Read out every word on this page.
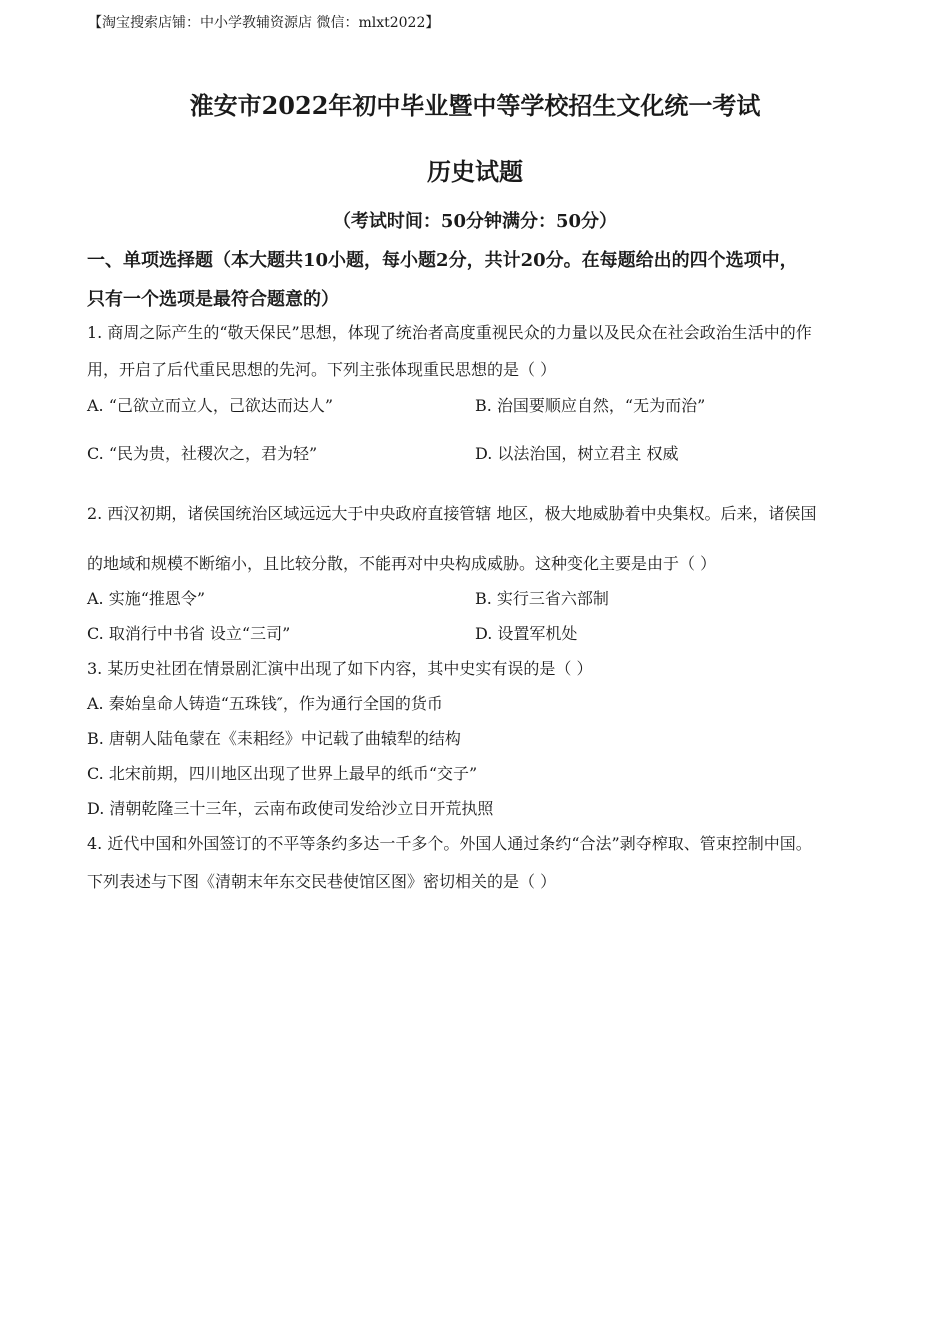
【淘宝搜索店铺：中小学教辅资源店 微信：mlxt2022】
淮安市2022年初中毕业暨中等学校招生文化统一考试
历史试题
（考试时间：50分钟满分：50分）
一、单项选择题（本大题共10小题，每小题2分，共计20分。在每题给出的四个选项中，
只有一个选项是最符合题意的）
1. 商周之际产生的“敬天保民”思想，体现了统治者高度重视民众的力量以及民众在社会政治生活中的作
用，开启了后代重民思想的先河。下列主张体现重民思想的是（ ）
A. “己欲立而立人，己欲达而达人”	B. 治国要顺应自然，“无为而治”
C. “民为贵，社稷次之，君为轻”	D. 以法治国，树立君主 权威
2. 西汉初期，诸侯国统治区域远远大于中央政府直接管辖 地区，极大地威胁着中央集权。后来，诸侯国
的地域和规模不断缩小，且比较分散，不能再对中央构成威胁。这种变化主要是由于（ ）
A. 实施“推恩令”	B. 实行三省六部制
C. 取消行中书省 设立“三司”	D. 设置军机处
3. 某历史社团在情景剧汇演中出现了如下内容，其中史实有误的是（ ）
A. 秦始皇命人铸造“五珠钱″，作为通行全国的货币
B. 唐朝人陆龟蒙在《耒耜经》中记载了曲辕犁的结构
C. 北宋前期，四川地区出现了世界上最早的纸币“交子”
D. 清朝乾隆三十三年，云南布政使司发给沙立日开荒执照
4. 近代中国和外国签订的不平等条约多达一千多个。外国人通过条约“合法”剥夺榨取、管束控制中国。
下列表述与下图《清朝末年东交民巷使馆区图》密切相关的是（ ）
